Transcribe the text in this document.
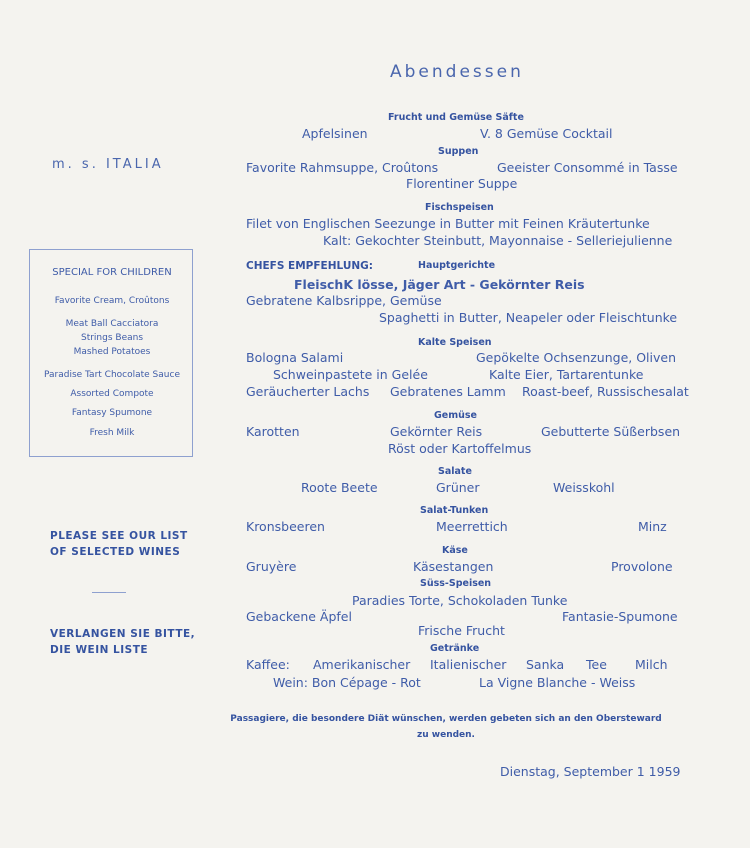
Abendessen
m. s. ITALIA
SPECIAL FOR CHILDREN
Favorite Cream, Croûtons
Meat Ball Cacciatora
Strings Beans
Mashed Potatoes
Paradise Tart Chocolate Sauce
Assorted Compote
Fantasy Spumone
Fresh Milk
PLEASE SEE OUR LIST
OF SELECTED WINES
VERLANGEN SIE BITTE,
DIE WEIN LISTE
Frucht und Gemüse Säfte
Apfelsinen	V. 8 Gemüse Cocktail
Suppen
Favorite Rahmsuppe, Croûtons	Geeister Consommé in Tasse
Florentiner Suppe
Fischspeisen
Filet von Englischen Seezunge in Butter mit Feinen Kräutertunke
Kalt: Gekochter Steinbutt, Mayonnaise - Selleriejulienne
CHEFS EMPFEHLUNG:	Hauptgerichte
FleischK lösse, Jäger Art - Gekörnter Reis
Gebratene Kalbsrippe, Gemüse
Spaghetti in Butter, Neapeler oder Fleischtunke
Kalte Speisen
Bologna Salami	Gepökelte Ochsenzunge, Oliven
Schweinpastete in Gelée	Kalte Eier, Tartarentunke
Geräucherter Lachs Gebratenes Lamm Roast-beef, Russischesalat
Gemüse
Karotten	Gekörnter Reis	Gebutterte Süßerbsen
Röst oder Kartoffelmus
Salate
Roote Beete	Grüner	Weisskohl
Salat-Tunken
Kronsbeeren	Meerrettich	Minz
Käse
Gruyère	Käsestangen	Provolone
Süss-Speisen
Paradies Torte, Schokoladen Tunke
Gebackene Äpfel	Fantasie-Spumone
Frische Frucht
Getränke
Kaffee: Amerikanischer Italienischer Sanka Tee Milch
Wein: Bon Cépage - Rot	La Vigne Blanche - Weiss
Passagiere, die besondere Diät wünschen, werden gebeten sich an den Obersteward zu wenden.
Dienstag, September 1 1959
